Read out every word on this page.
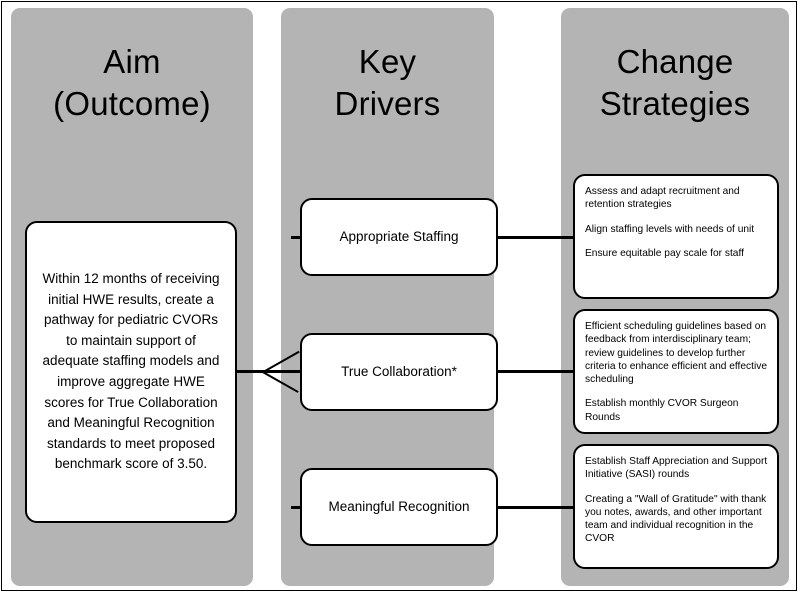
Aim
(Outcome)
Key
Drivers
Change
Strategies
Within 12 months of receiving initial HWE results, create a pathway for pediatric CVORs to maintain support of adequate staffing models and improve aggregate HWE scores for True Collaboration and Meaningful Recognition standards to meet proposed benchmark score of 3.50.
Appropriate Staffing
True Collaboration*
Meaningful Recognition

Assess and adapt recruitment and retention strategies

Align staffing levels with needs of unit

Ensure equitable pay scale for staff

Efficient scheduling guidelines based on feedback from interdisciplinary team; review guidelines to develop further criteria to enhance efficient and effective scheduling

Establish monthly CVOR Surgeon Rounds

Establish Staff Appreciation and Support Initiative (SASI) rounds

Creating a "Wall of Gratitude" with thank you notes, awards, and other important team and individual recognition in the CVOR
